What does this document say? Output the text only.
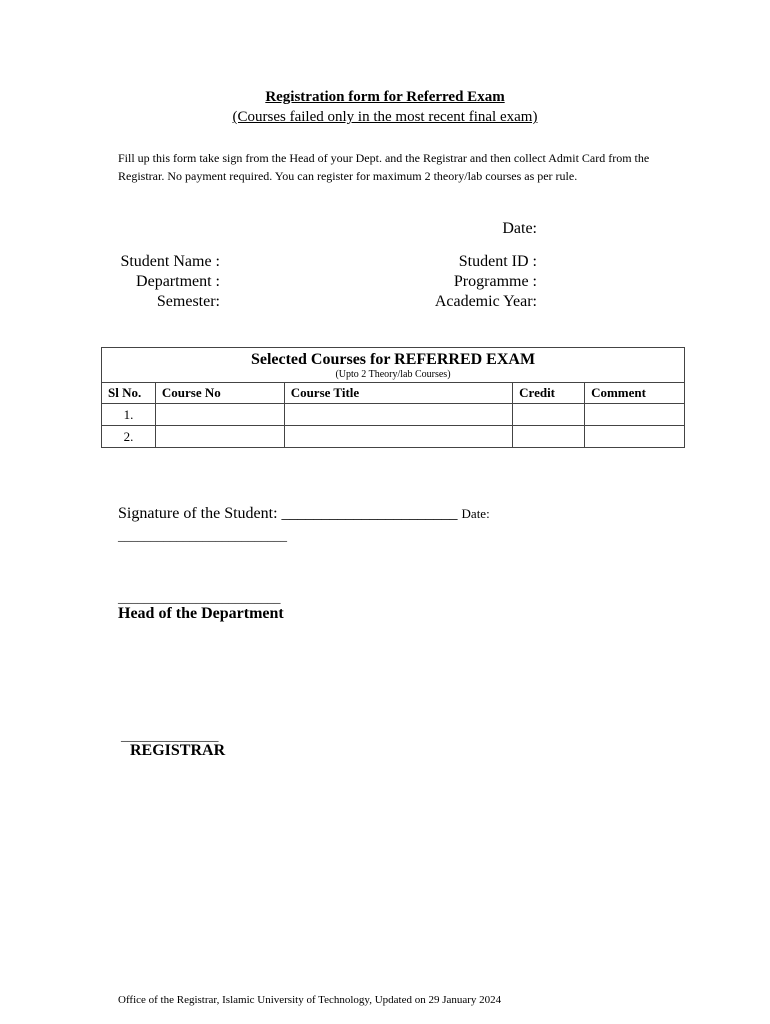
Registration form for Referred Exam
(Courses failed only in the most recent final exam)
Fill up this form take sign from the Head of your Dept. and the Registrar and then collect Admit Card from the Registrar. No payment required. You can register for maximum 2 theory/lab courses as per rule.
Date:
Student Name :
Department :
Semester:
Student ID :
Programme :
Academic Year:
Selected Courses for REFERRED EXAM
(Upto 2 Theory/lab Courses)				

Sl No.	Course No	Course Title	Credit	Comment
1.				
2.				
Signature of the Student: ______________________ Date:
__________________________
_________________________
Head of the Department
_______________
REGISTRAR
Office of the Registrar, Islamic University of Technology, Updated on 29 January 2024
